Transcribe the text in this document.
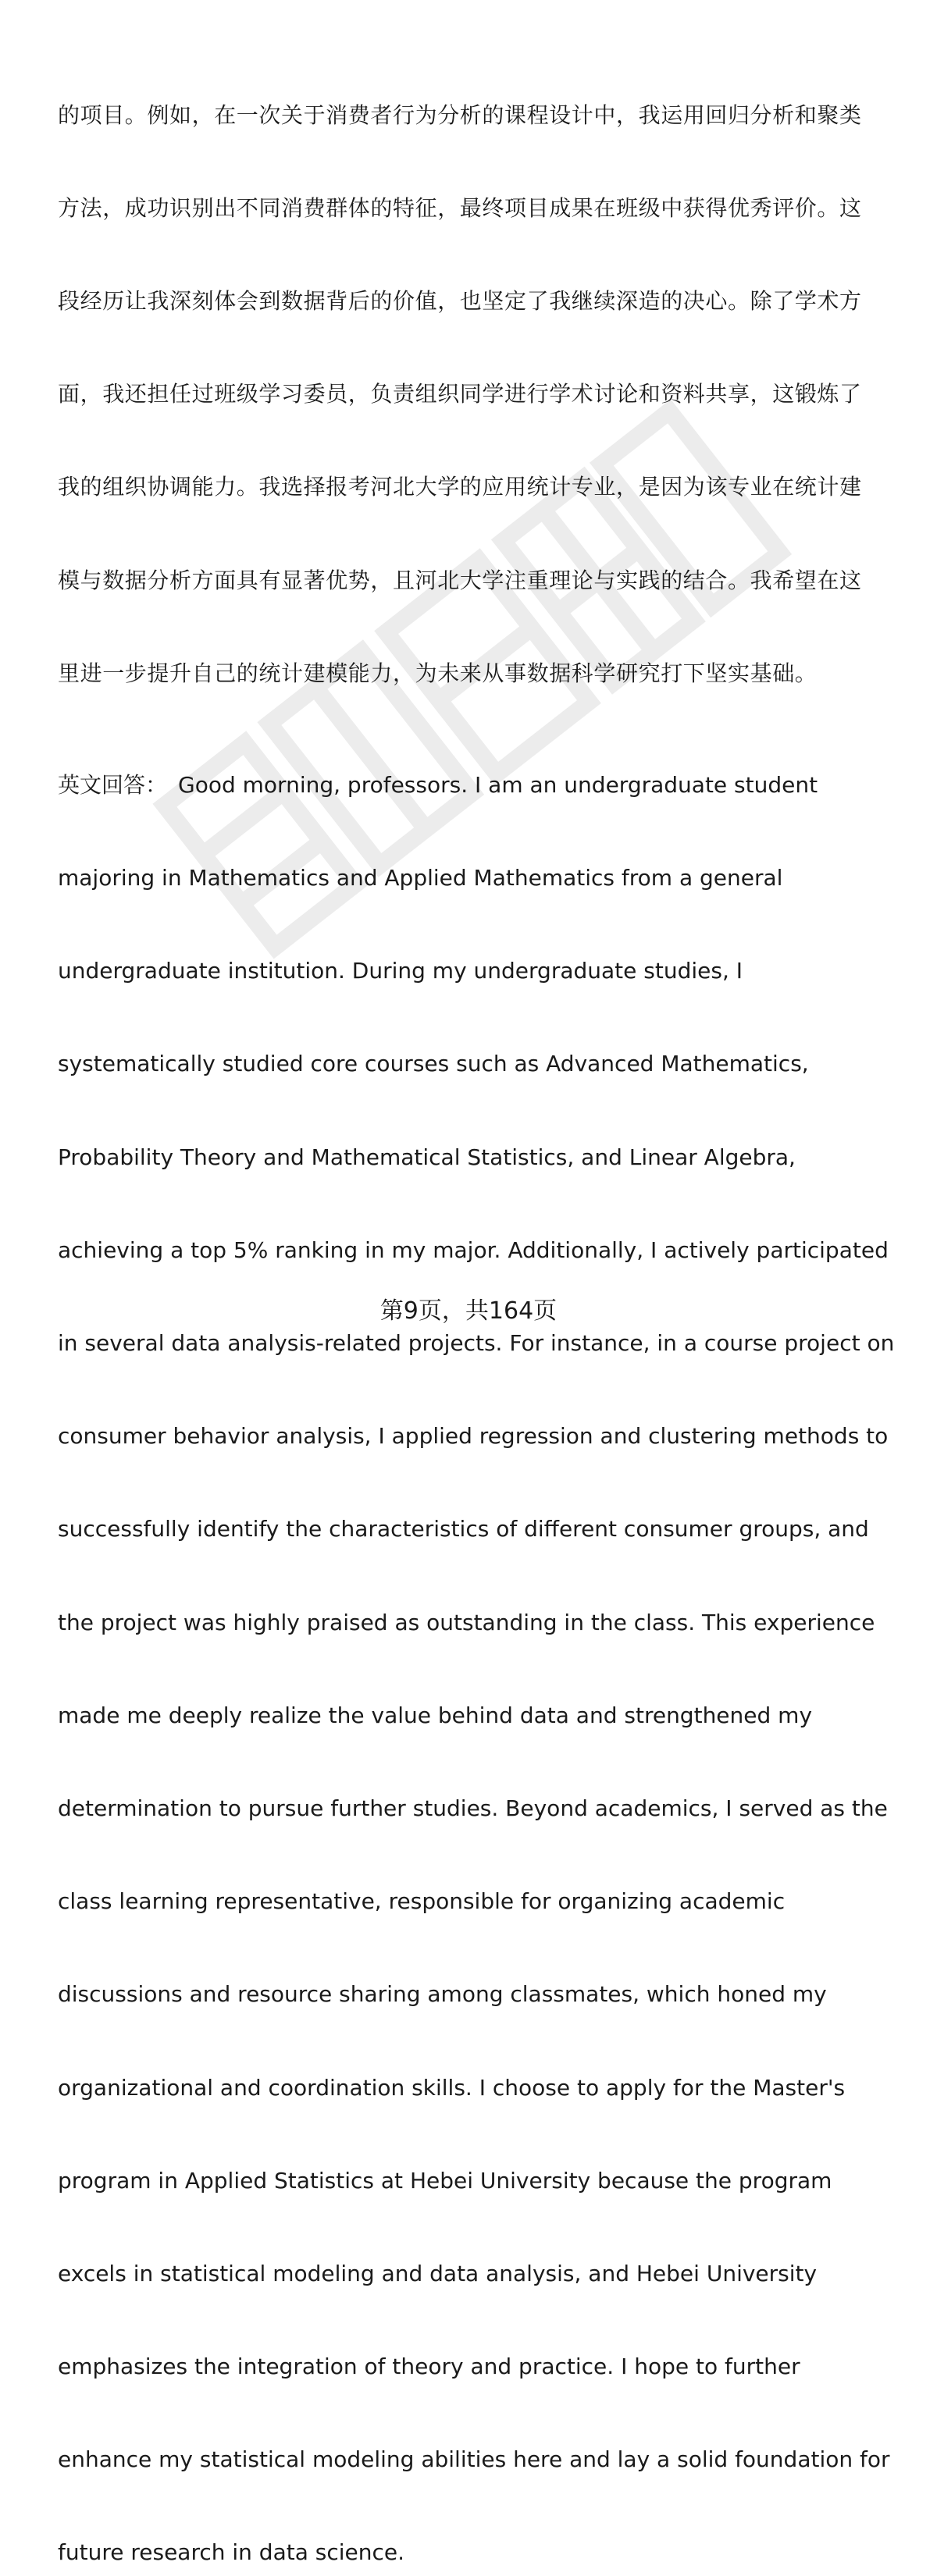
的项目。例如，在一次关于消费者行为分析的课程设计中，我运用回归分析和聚类

方法，成功识别出不同消费群体的特征，最终项目成果在班级中获得优秀评价。这

段经历让我深刻体会到数据背后的价值，也坚定了我继续深造的决心。除了学术方

面，我还担任过班级学习委员，负责组织同学进行学术讨论和资料共享，这锻炼了

我的组织协调能力。我选择报考河北大学的应用统计专业，是因为该专业在统计建

模与数据分析方面具有显著优势，且河北大学注重理论与实践的结合。我希望在这

里进一步提升自己的统计建模能力，为未来从事数据科学研究打下坚实基础。

英文回答： Good morning, professors. I am an undergraduate student

majoring in Mathematics and Applied Mathematics from a general

undergraduate institution. During my undergraduate studies, I

systematically studied core courses such as Advanced Mathematics,

Probability Theory and Mathematical Statistics, and Linear Algebra,

achieving a top 5% ranking in my major. Additionally, I actively participated

in several data analysis-related projects. For instance, in a course project on

consumer behavior analysis, I applied regression and clustering methods to

successfully identify the characteristics of different consumer groups, and

the project was highly praised as outstanding in the class. This experience

made me deeply realize the value behind data and strengthened my

determination to pursue further studies. Beyond academics, I served as the

class learning representative, responsible for organizing academic

discussions and resource sharing among classmates, which honed my

organizational and coordination skills. I choose to apply for the Master's

program in Applied Statistics at Hebei University because the program

excels in statistical modeling and data analysis, and Hebei University

emphasizes the integration of theory and practice. I hope to further

enhance my statistical modeling abilities here and lay a solid foundation for

future research in data science.

第9页，共164页
